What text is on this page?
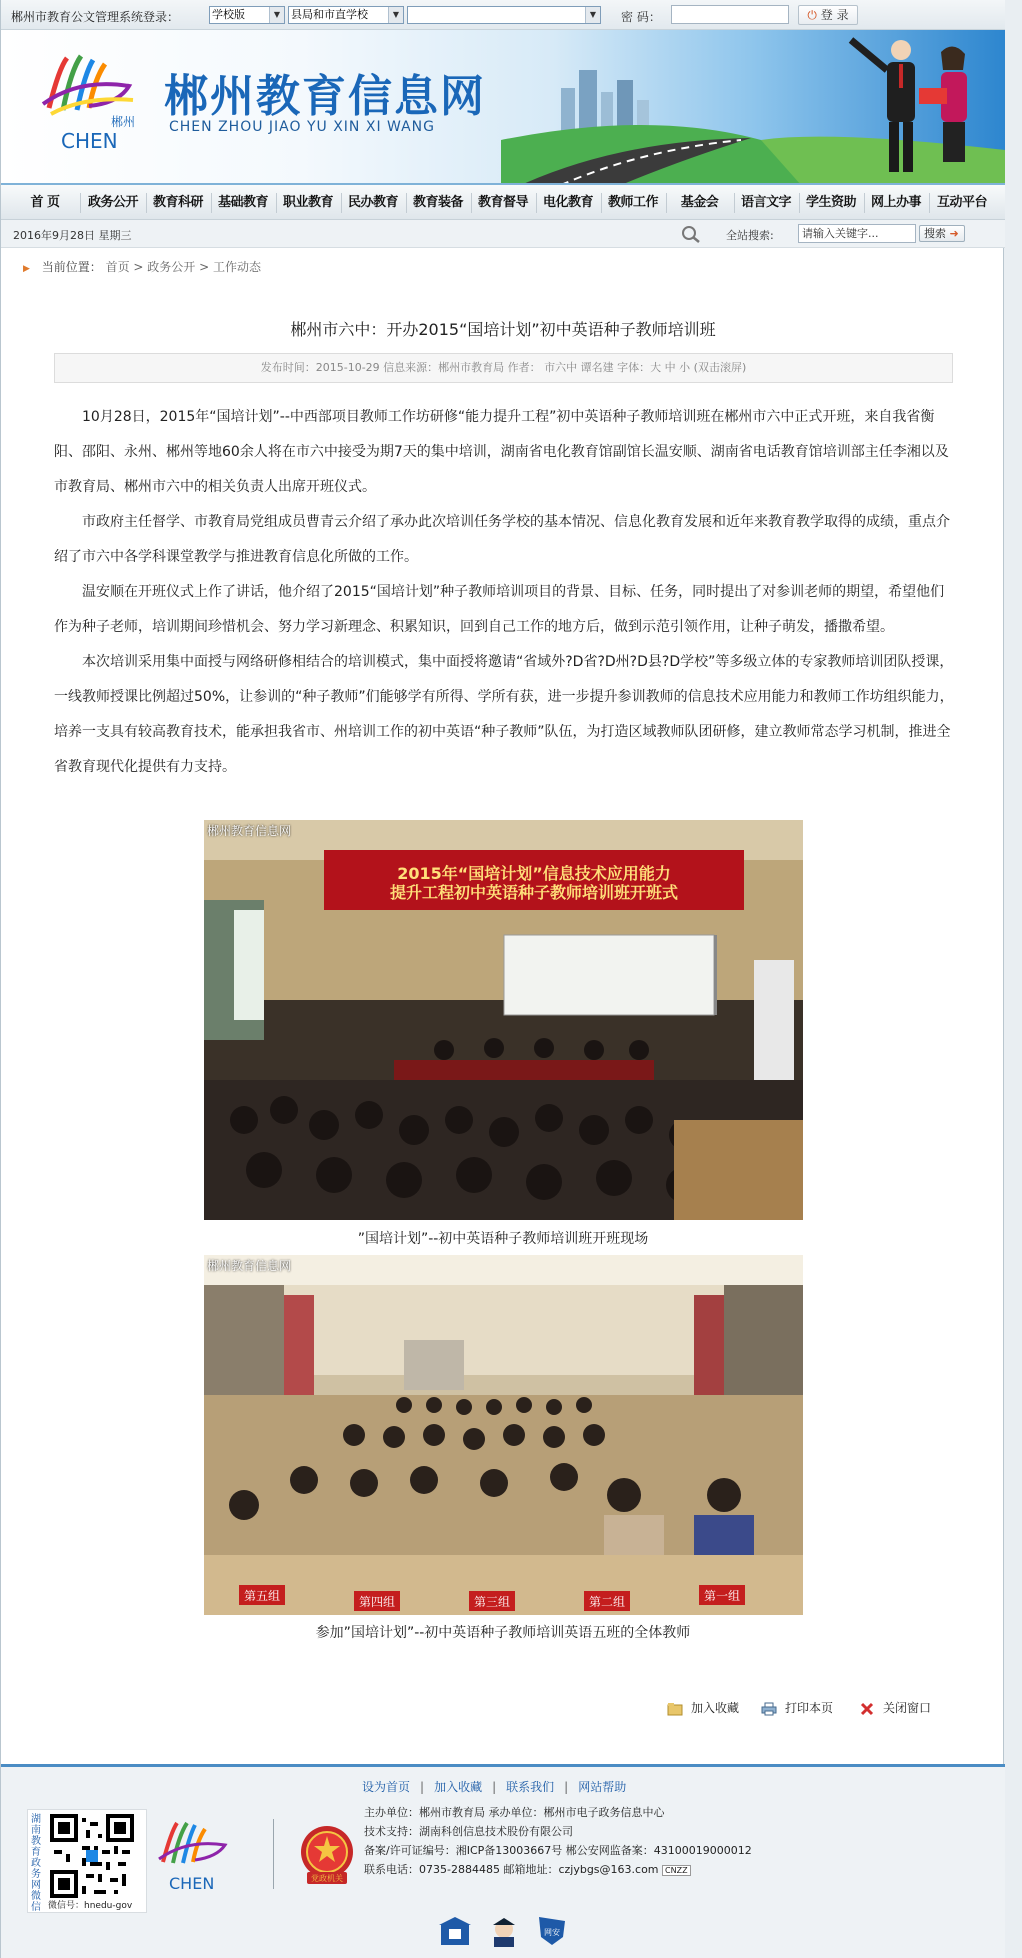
郴州市教育公文管理系统登录：	学校版	▼ 县局和市直学校	▼	▼	密 码：	⏻ 登 录
郴州
CHEN
郴州教育信息网
CHEN ZHOU JIAO YU XIN XI WANG
首 页	政务公开	教育科研	基础教育	职业教育	民办教育	教育装备	教育督导	电化教育	教师工作	基金会	语言文字	学生资助	网上办事	互动平台
2016年9月28日 星期三	全站搜索:	请输入关键字...	搜索 ➜
▶ 当前位置： 首页 > 政务公开 > 工作动态
郴州市六中：开办2015“国培计划”初中英语种子教师培训班
发布时间：2015-10-29 信息来源：郴州市教育局 作者： 市六中 谭名建 字体：大 中 小 (双击滚屏)

10月28日，2015年“国培计划”--中西部项目教师工作坊研修“能力提升工程”初中英语种子教师培训班在郴州市六中正式开班，来自我省衡阳、邵阳、永州、郴州等地60余人将在市六中接受为期7天的集中培训，湖南省电化教育馆副馆长温安顺、湖南省电话教育馆培训部主任李湘以及市教育局、郴州市六中的相关负责人出席开班仪式。

市政府主任督学、市教育局党组成员曹青云介绍了承办此次培训任务学校的基本情况、信息化教育发展和近年来教育教学取得的成绩，重点介绍了市六中各学科课堂教学与推进教育信息化所做的工作。

温安顺在开班仪式上作了讲话，他介绍了2015“国培计划”种子教师培训项目的背景、目标、任务，同时提出了对参训老师的期望，希望他们作为种子老师，培训期间珍惜机会、努力学习新理念、积累知识，回到自己工作的地方后，做到示范引领作用，让种子萌发，播撒希望。

本次培训采用集中面授与网络研修相结合的培训模式，集中面授将邀请“省域外?D省?D州?D县?D学校”等多级立体的专家教师培训团队授课，一线教师授课比例超过50%，让参训的“种子教师”们能够学有所得、学所有获，进一步提升参训教师的信息技术应用能力和教师工作坊组织能力，培养一支具有较高教育技术，能承担我省市、州培训工作的初中英语“种子教师”队伍，为打造区域教师队团研修，建立教师常态学习机制，推进全省教育现代化提供有力支持。

2015年“国培计划”信息技术应用能力
提升工程初中英语种子教师培训班开班式
郴州教育信息网
”国培计划”--初中英语种子教师培训班开班现场
第五组	第四组	第三组	第二组	第一组
郴州教育信息网
参加”国培计划”--初中英语种子教师培训英语五班的全体教师
加入收藏	打印本页	关闭窗口
设为首页 | 加入收藏 | 联系我们 | 网站帮助
湖南教育政务网微信 微信号：hnedu-gov
CHEN	党政机关
主办单位：郴州市教育局 承办单位：郴州市电子政务信息中心
技术支持：湖南科创信息技术股份有限公司
备案/许可证编号：湘ICP备13003667号 郴公安网监备案：43100019000012
联系电话：0735-2884485 邮箱地址：czjybgs@163.com CNZZ
网安
